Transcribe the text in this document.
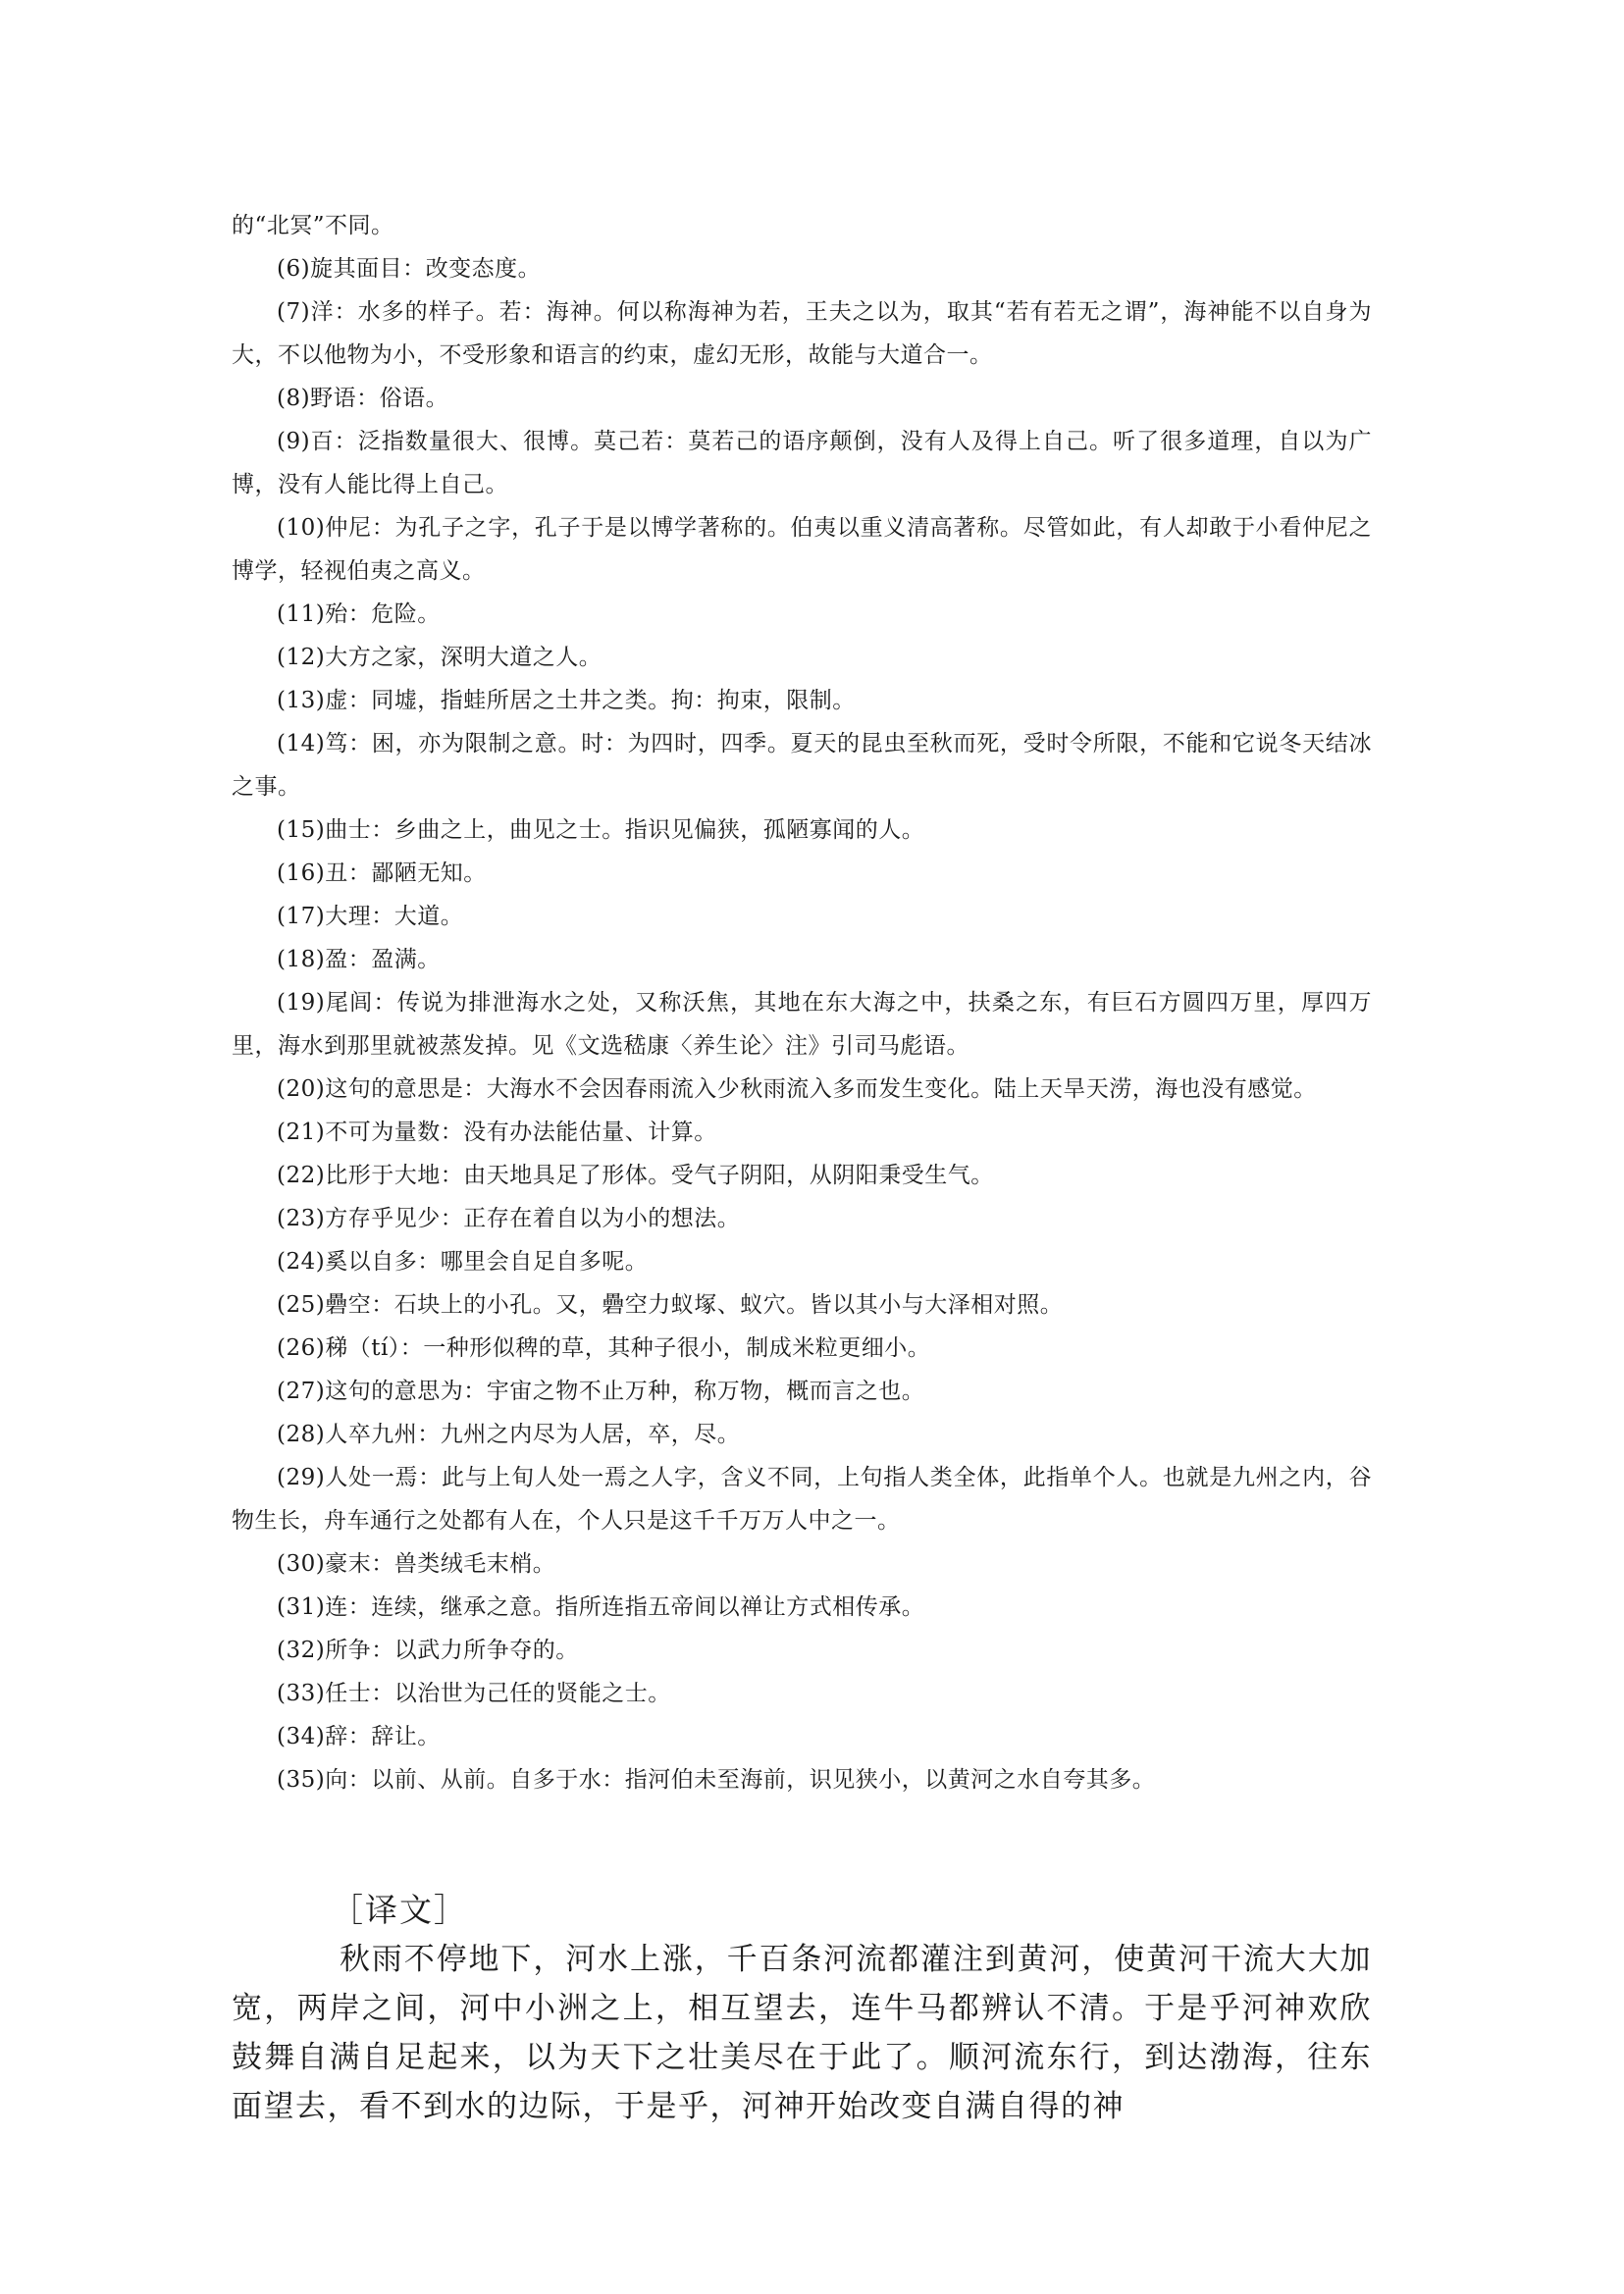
的“北冥”不同。

(6)旋其面目：改变态度。

(7)洋：水多的样子。若：海神。何以称海神为若，王夫之以为，取其“若有若无之谓”，海神能不以自身为大，不以他物为小，不受形象和语言的约束，虚幻无形，故能与大道合一。

(8)野语：俗语。

(9)百：泛指数量很大、很博。莫己若：莫若己的语序颠倒，没有人及得上自己。听了很多道理，自以为广博，没有人能比得上自己。

(10)仲尼：为孔子之字，孔子于是以博学著称的。伯夷以重义清高著称。尽管如此，有人却敢于小看仲尼之博学，轻视伯夷之高义。

(11)殆：危险。

(12)大方之家，深明大道之人。

(13)虚：同墟，指蛙所居之土井之类。拘：拘束，限制。

(14)笃：困，亦为限制之意。时：为四时，四季。夏天的昆虫至秋而死，受时令所限，不能和它说冬天结冰之事。

(15)曲士：乡曲之上，曲见之士。指识见偏狭，孤陋寡闻的人。

(16)丑：鄙陋无知。

(17)大理：大道。

(18)盈：盈满。

(19)尾闾：传说为排泄海水之处，又称沃焦，其地在东大海之中，扶桑之东，有巨石方圆四万里，厚四万里，海水到那里就被蒸发掉。见《文选嵇康〈养生论〉注》引司马彪语。

(20)这句的意思是：大海水不会因春雨流入少秋雨流入多而发生变化。陆上天旱天涝，海也没有感觉。

(21)不可为量数：没有办法能估量、计算。

(22)比形于大地：由天地具足了形体。受气子阴阳，从阴阳秉受生气。

(23)方存乎见少：正存在着自以为小的想法。

(24)奚以自多：哪里会自足自多呢。

(25)礨空：石块上的小孔。又，礨空力蚁塚、蚁穴。皆以其小与大泽相对照。

(26)稊（tí）：一种形似稗的草，其种子很小，制成米粒更细小。

(27)这句的意思为：宇宙之物不止万种，称万物，概而言之也。

(28)人卒九州：九州之内尽为人居，卒，尽。

(29)人处一焉：此与上旬人处一焉之人字，含义不同，上句指人类全体，此指单个人。也就是九州之内，谷物生长，舟车通行之处都有人在，个人只是这千千万万人中之一。

(30)豪末：兽类绒毛末梢。

(31)连：连续，继承之意。指所连指五帝间以禅让方式相传承。

(32)所争：以武力所争夺的。

(33)任士：以治世为己任的贤能之士。

(34)辞：辞让。

(35)向：以前、从前。自多于水：指河伯未至海前，识见狭小，以黄河之水自夸其多。

［译文］

秋雨不停地下，河水上涨，千百条河流都灌注到黄河，使黄河干流大大加宽，两岸之间，河中小洲之上，相互望去，连牛马都辨认不清。于是乎河神欢欣鼓舞自满自足起来，以为天下之壮美尽在于此了。顺河流东行，到达渤海，往东面望去，看不到水的边际，于是乎，河神开始改变自满自得的神
